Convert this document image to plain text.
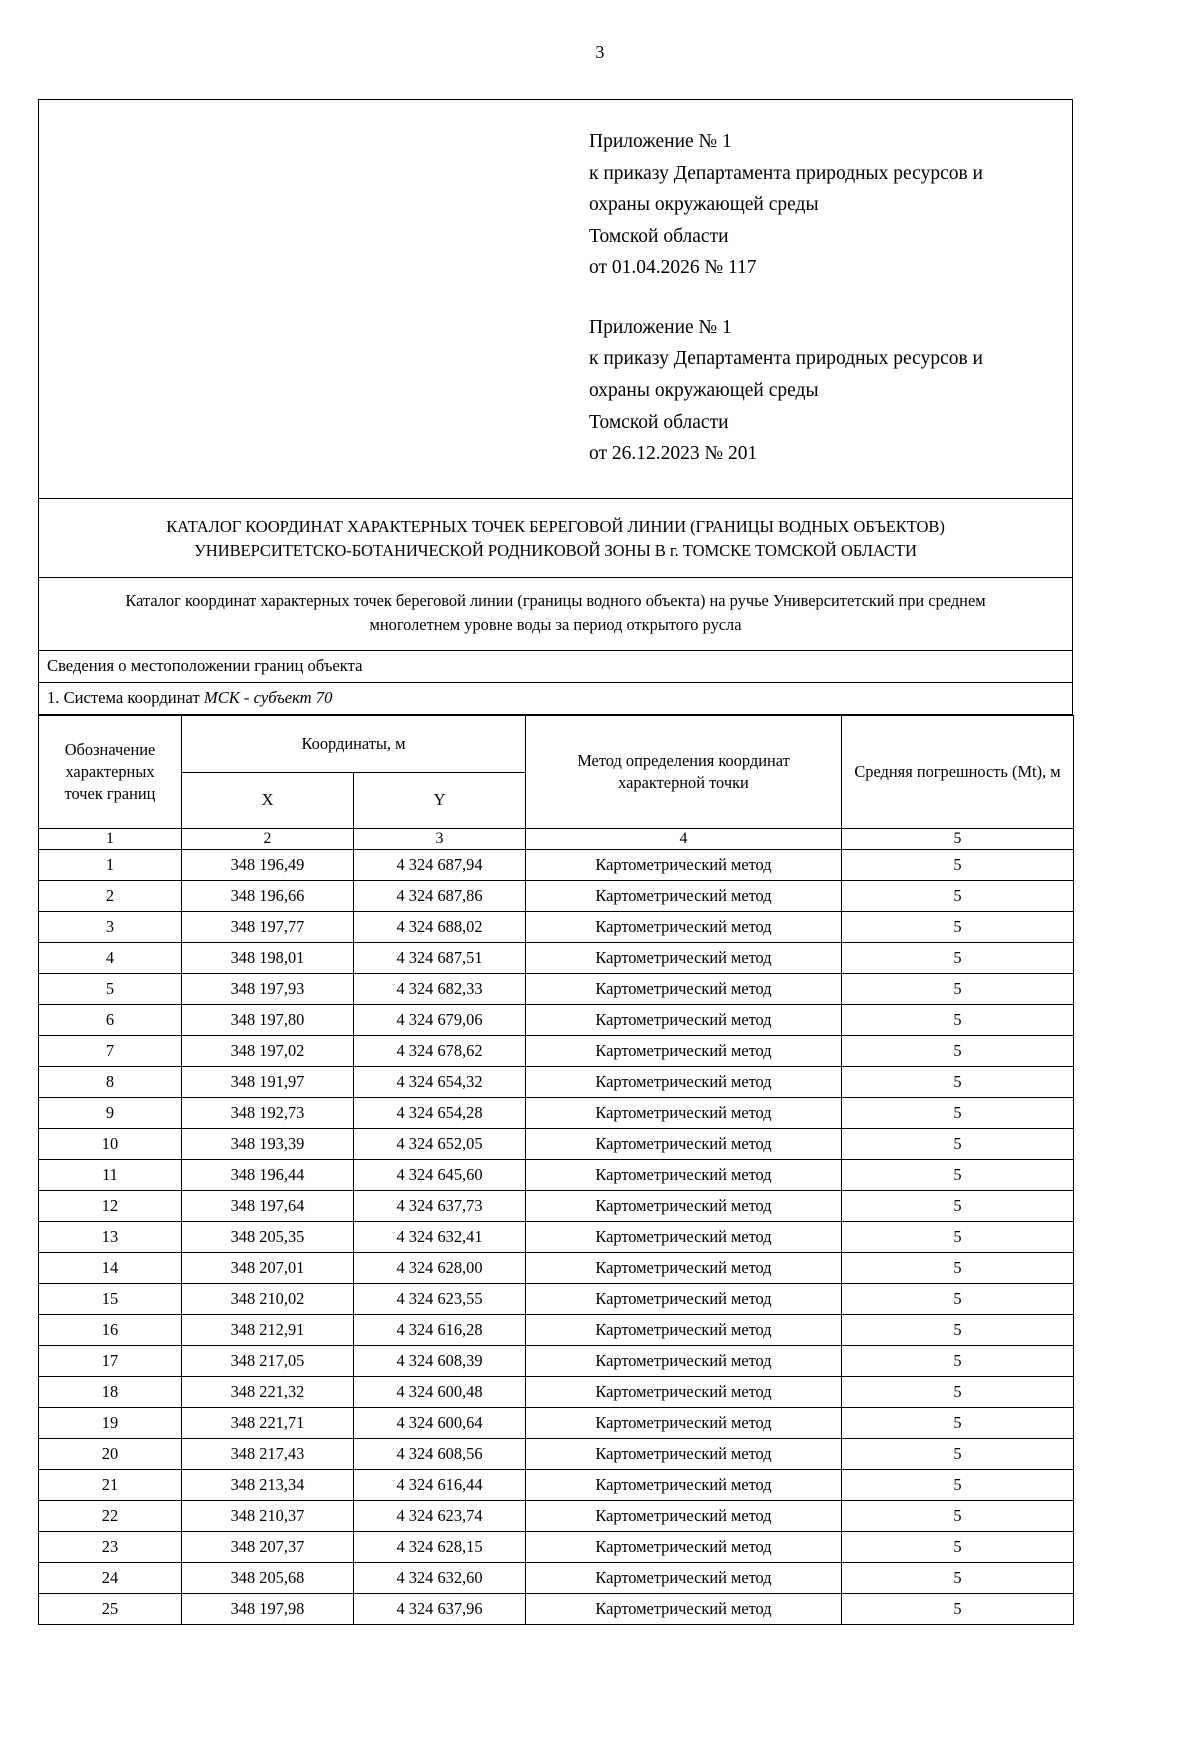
3
Приложение № 1
к приказу Департамента природных ресурсов и
охраны окружающей среды
Томской области
от 01.04.2026 № 117
Приложение № 1
к приказу Департамента природных ресурсов и
охраны окружающей среды
Томской области
от 26.12.2023 № 201
КАТАЛОГ КООРДИНАТ ХАРАКТЕРНЫХ ТОЧЕК БЕРЕГОВОЙ ЛИНИИ (ГРАНИЦЫ ВОДНЫХ ОБЪЕКТОВ)
УНИВЕРСИТЕТСКО-БОТАНИЧЕСКОЙ РОДНИКОВОЙ ЗОНЫ В г. ТОМСКЕ ТОМСКОЙ ОБЛАСТИ
Каталог координат характерных точек береговой линии (границы водного объекта) на ручье Университетский при среднем
многолетнем уровне воды за период открытого русла
Сведения о местоположении границ объекта
1. Система координат МСК - субъект 70
Обозначение характерных точек границ	Координаты, м		Метод определения координат характерной точки	Средняя погрешность (Mt), м
	X	Y		
1	2	3	4	5
1	348 196,49	4 324 687,94	Картометрический метод	5
2	348 196,66	4 324 687,86	Картометрический метод	5
3	348 197,77	4 324 688,02	Картометрический метод	5
4	348 198,01	4 324 687,51	Картометрический метод	5
5	348 197,93	4 324 682,33	Картометрический метод	5
6	348 197,80	4 324 679,06	Картометрический метод	5
7	348 197,02	4 324 678,62	Картометрический метод	5
8	348 191,97	4 324 654,32	Картометрический метод	5
9	348 192,73	4 324 654,28	Картометрический метод	5
10	348 193,39	4 324 652,05	Картометрический метод	5
11	348 196,44	4 324 645,60	Картометрический метод	5
12	348 197,64	4 324 637,73	Картометрический метод	5
13	348 205,35	4 324 632,41	Картометрический метод	5
14	348 207,01	4 324 628,00	Картометрический метод	5
15	348 210,02	4 324 623,55	Картометрический метод	5
16	348 212,91	4 324 616,28	Картометрический метод	5
17	348 217,05	4 324 608,39	Картометрический метод	5
18	348 221,32	4 324 600,48	Картометрический метод	5
19	348 221,71	4 324 600,64	Картометрический метод	5
20	348 217,43	4 324 608,56	Картометрический метод	5
21	348 213,34	4 324 616,44	Картометрический метод	5
22	348 210,37	4 324 623,74	Картометрический метод	5
23	348 207,37	4 324 628,15	Картометрический метод	5
24	348 205,68	4 324 632,60	Картометрический метод	5
25	348 197,98	4 324 637,96	Картометрический метод	5
